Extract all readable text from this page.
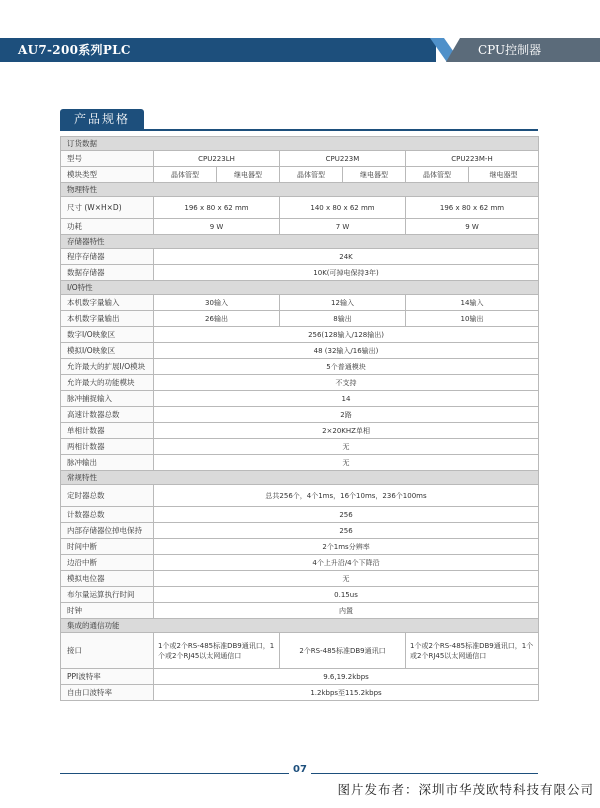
AU7-200系列PLC	CPU控制器
产品规格
订货数据						
型号	CPU223LH		CPU223M		CPU223M-H	
模块类型	晶体管型	继电器型	晶体管型	继电器型	晶体管型	继电器型
物理特性						
尺寸 (W×H×D)	196 x 80 x 62 mm		140 x 80 x 62 mm		196 x 80 x 62 mm	
功耗	9 W		7 W		9 W	
存储器特性						
程序存储器	24K					
数据存储器	10K(可掉电保持3年)					
I/O特性						
本机数字量输入	30输入		12输入		14输入	
本机数字量输出	26输出		8输出		10输出	
数字I/O映象区	256(128输入/128输出)					
模拟I/O映象区	48 (32输入/16输出)					
允许最大的扩展I/O模块	5个普通模块					
允许最大的功能模块	不支持					
脉冲捕捉输入	14					
高速计数器总数	2路					
单相计数器	2×20KHZ单相					
两相计数器	无					
脉冲输出	无					
常规特性						
定时器总数	总共256个，4个1ms，16个10ms，236个100ms					
计数器总数	256					
内部存储器位掉电保持	256					
时间中断	2个1ms分辨率					
边沿中断	4个上升沿/4个下降沿					
模拟电位器	无					
布尔量运算执行时间	0.15us					
时钟	内置					
集成的通信功能						
接口	1个或2个RS-485标准DB9通讯口，1个或2个RJ45以太网通信口		2个RS-485标准DB9通讯口		1个或2个RS-485标准DB9通讯口，1个或2个RJ45以太网通信口	
PPI波特率	9.6,19.2kbps					
自由口波特率	1.2kbps至115.2kbps					
07
图片发布者：深圳市华茂欧特科技有限公司
